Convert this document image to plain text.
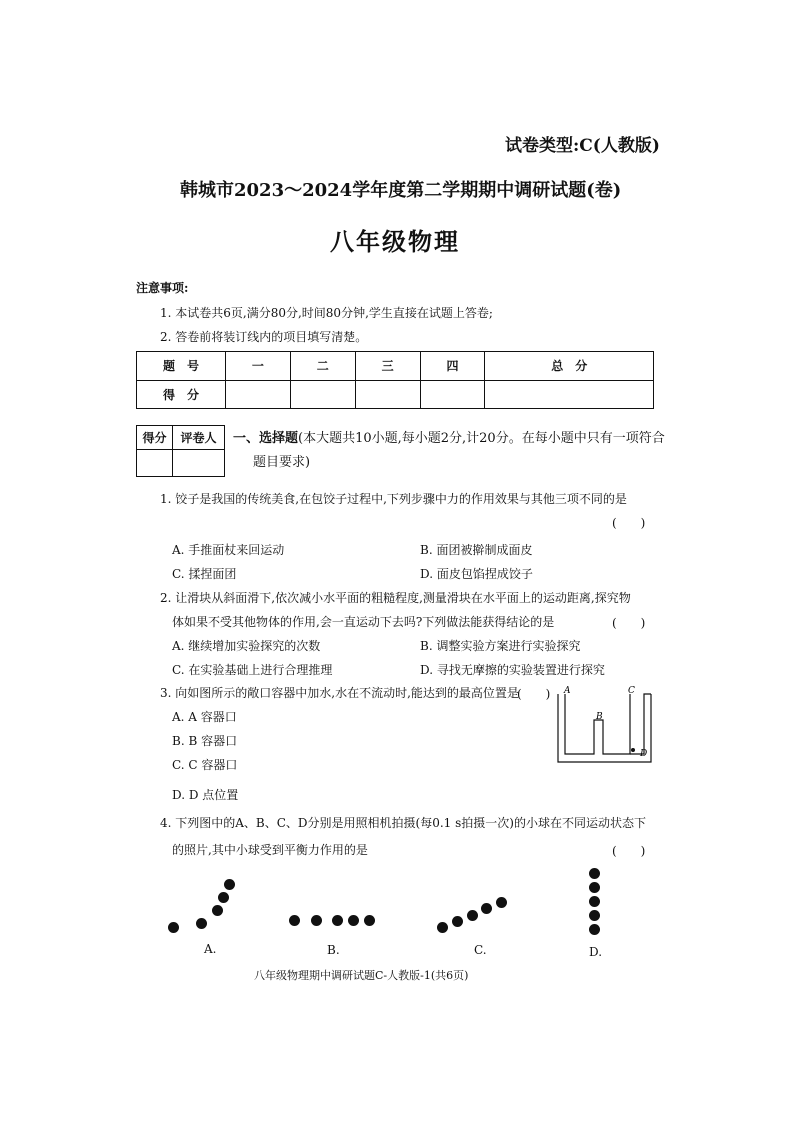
试卷类型:C(人教版)
韩城市2023～2024学年度第二学期期中调研试题(卷)
八年级物理
注意事项:
1. 本试卷共6页,满分80分,时间80分钟,学生直接在试题上答卷;
2. 答卷前将装订线内的项目填写清楚。
题　号	一	二	三	四	总　分
得　分					
得分	评卷人
	一、选择题(本大题共10小题,每小题2分,计20分。在每小题中只有一项符合
题目要求)
1. 饺子是我国的传统美食,在包饺子过程中,下列步骤中力的作用效果与其他三项不同的是
(　　)
A. 手推面杖来回运动	B. 面团被擀制成面皮
C. 揉捏面团	D. 面皮包馅捏成饺子
2. 让滑块从斜面滑下,依次减小水平面的粗糙程度,测量滑块在水平面上的运动距离,探究物
体如果不受其他物体的作用,会一直运动下去吗?下列做法能获得结论的是	(　　)
A. 继续增加实验探究的次数	B. 调整实验方案进行实验探究
C. 在实验基础上进行合理推理	D. 寻找无摩擦的实验装置进行探究
3. 向如图所示的敞口容器中加水,水在不流动时,能达到的最高位置是
(　　)
A. A 容器口
B. B 容器口
C. C 容器口
D. D 点位置
A
B
C
D
4. 下列图中的A、B、C、D分别是用照相机拍摄(每0.1 s拍摄一次)的小球在不同运动状态下
的照片,其中小球受到平衡力作用的是	(　　)
A.	B.	C.	D.
八年级物理期中调研试题C-人教版-1(共6页)
